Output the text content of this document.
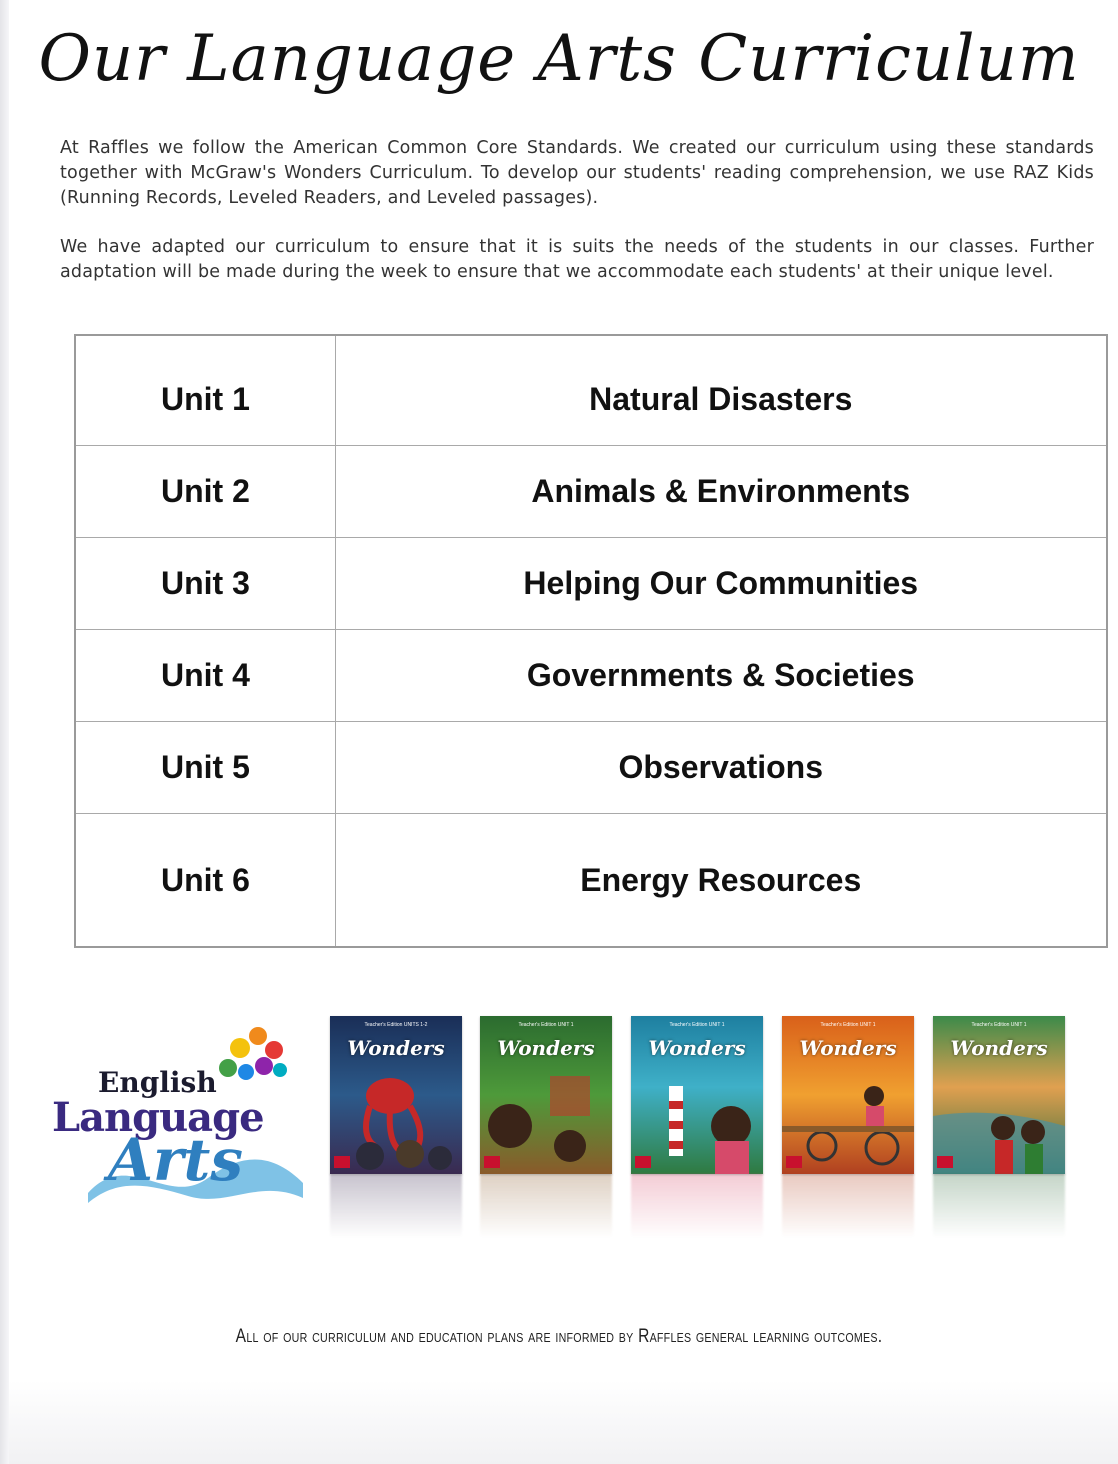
Our Language Arts Curriculum

At Raffles we follow the American Common Core Standards. We created our curriculum using these standards together with McGraw's Wonders Curriculum. To develop our students' reading comprehension, we use RAZ Kids (Running Records, Leveled Readers, and Leveled passages).

We have adapted our curriculum to ensure that it is suits the needs of the students in our classes. Further adaptation will be made during the week to ensure that we accommodate each students' at their unique level.

Unit 1	Natural Disasters
Unit 2	Animals & Environments
Unit 3	Helping Our Communities
Unit 4	Governments & Societies
Unit 5	Observations
Unit 6	Energy Resources
English
Language
Arts
Teacher's Edition UNITS 1-2
Wonders
Teacher's Edition UNIT 1
Wonders
Teacher's Edition UNIT 1
Wonders
Teacher's Edition UNIT 1
Wonders
Teacher's Edition UNIT 1
Wonders
All of our curriculum and education plans are informed by Raffles general learning outcomes.
